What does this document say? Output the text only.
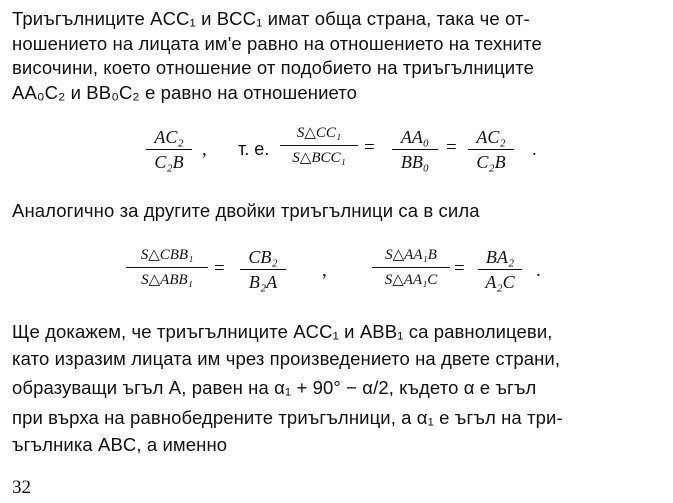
Триъгълниците ACC₁ и BCC₁ имат обща страна, така че от-
ношението на лицата им'е равно на отношението на техните
височини, което отношение от подобието на триъгълниците
AA₀C₂ и BB₀C₂ е равно на отношението
AC₂
C₂B
, т. е.
S△CC₁
S△BCC₁ =	AA₀
BB₀
=	AC₂
C₂B
.
Аналогично за другите двойки триъгълници са в сила
S△CBB₁
S△ABB₁
=
CB₂
B₂A
,
S△AA₁B
S△AA₁C
=
BA₂
A₂C
.
Ще докажем, че триъгълниците ACC₁ и ABB₁ са равнолицеви,
като изразим лицата им чрез произведението на двете страни,
образуващи ъгъл A, равен на α₁ + 90° − α/2, където α е ъгъл
при върха на равнобедрените триъгълници, а α₁ е ъгъл на три-
ъгълника ABC, а именно
32
